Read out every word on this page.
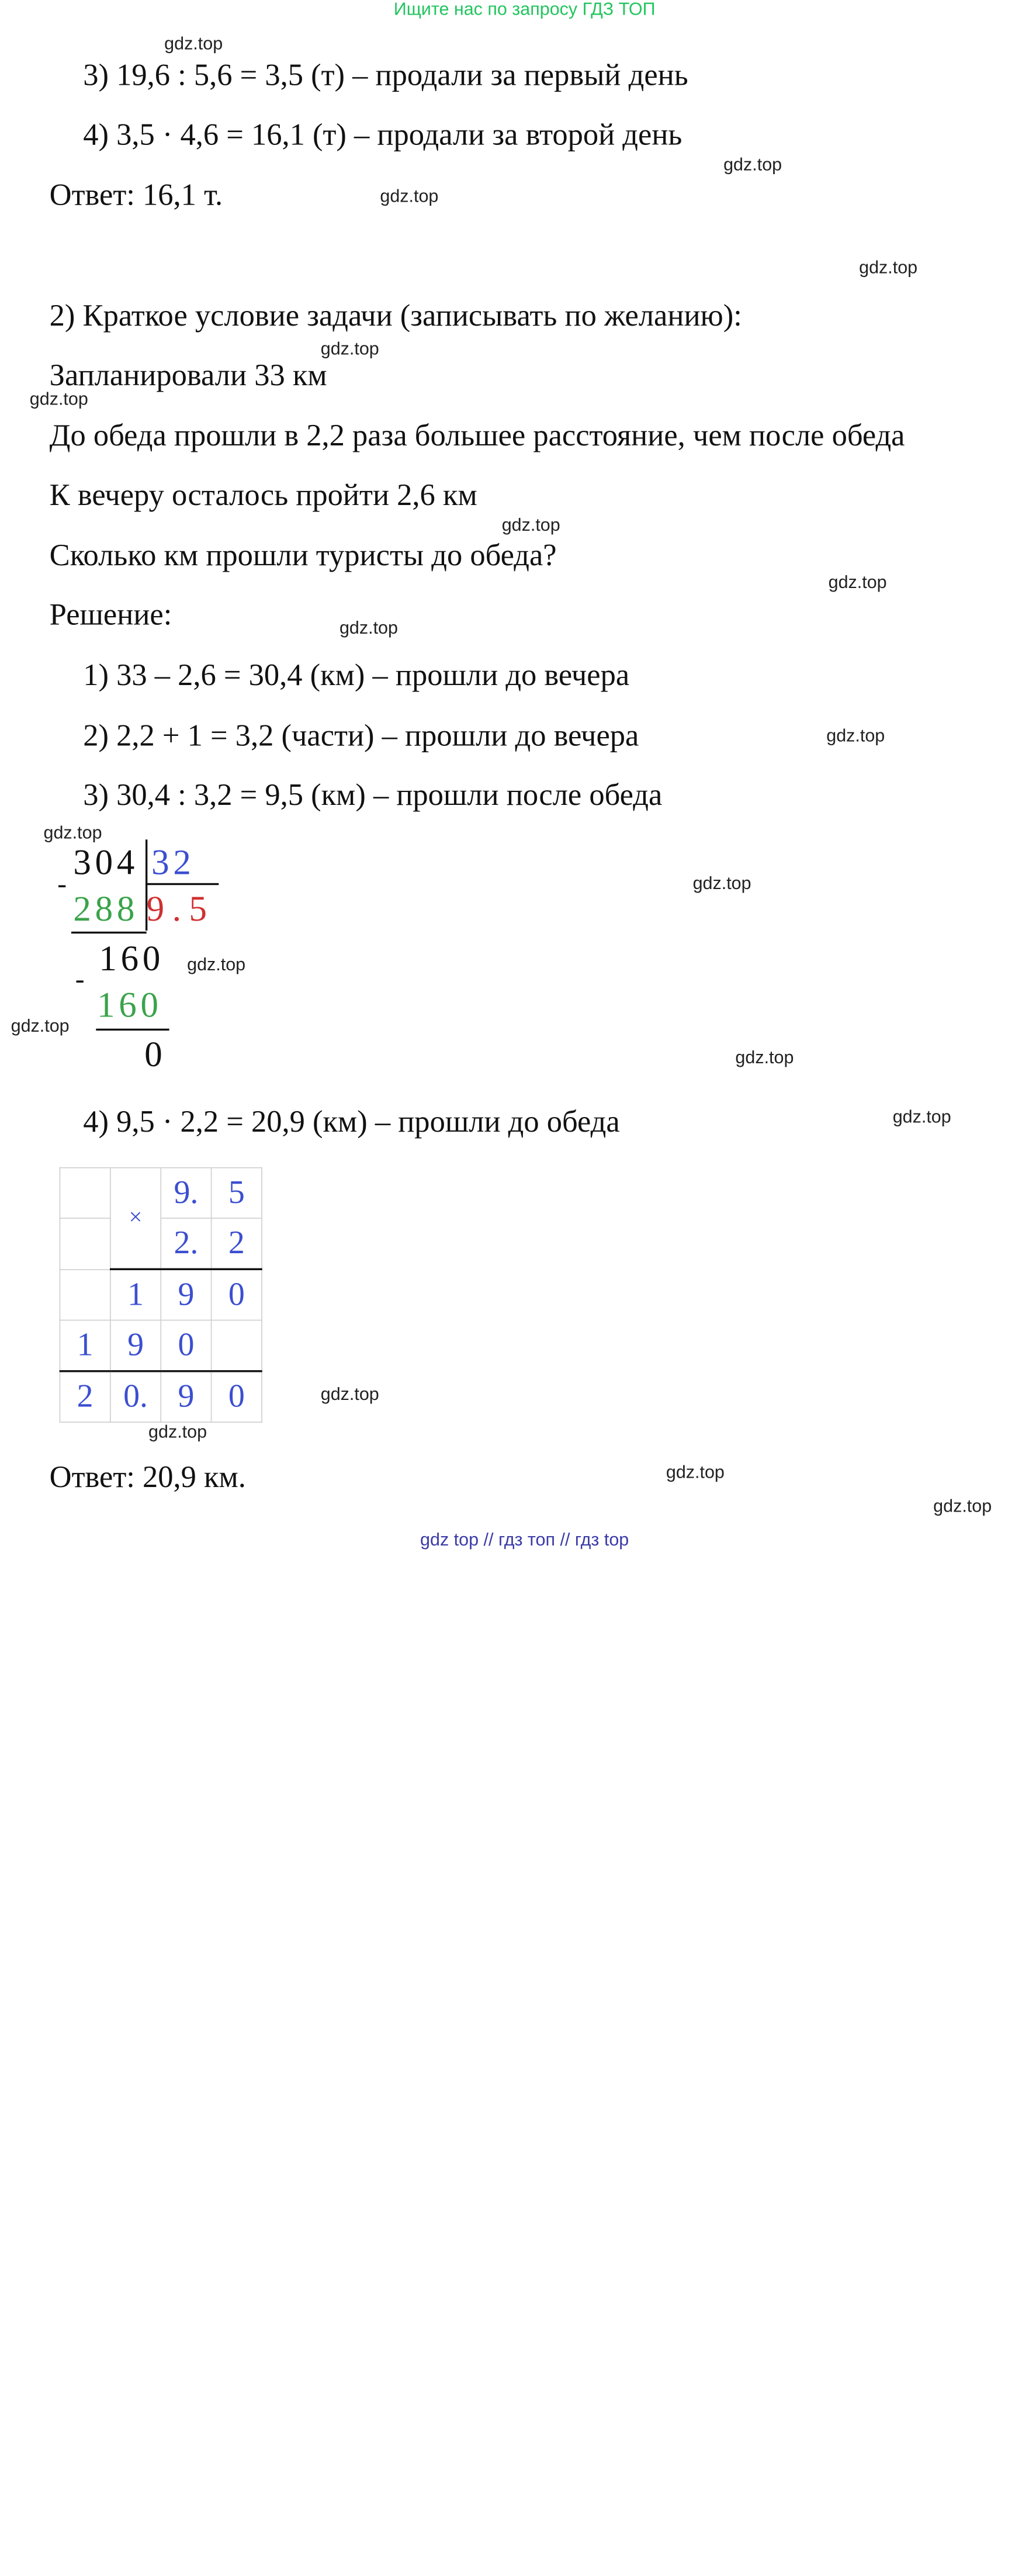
Ищите нас по запросу ГДЗ ТОП
3) 19,6 : 5,6 = 3,5 (т) – продали за первый день
4) 3,5 · 4,6 = 16,1 (т) – продали за второй день
Ответ: 16,1 т.
2) Краткое условие задачи (записывать по желанию):
Запланировали 33 км
До обеда прошли в 2,2 раза большее расстояние, чем после обеда
К вечеру осталось пройти 2,6 км
Сколько км прошли туристы до обеда?
Решение:
1) 33 – 2,6 = 30,4 (км) – прошли до вечера
2) 2,2 + 1 = 3,2 (части) – прошли до вечера
3) 30,4 : 3,2 = 9,5 (км) – прошли после обеда
304 32
-
288 9.5
160
-
160
0
4) 9,5 · 2,2 = 20,9 (км) – прошли до обеда
	×	9.	5
		2.	2
	1	9	0
1	9	0	
2	0.	9	0
Ответ: 20,9 км.
gdz.top
gdz.top
gdz.top
gdz.top
gdz.top
gdz.top
gdz.top
gdz.top
gdz.top
gdz.top
gdz.top
gdz.top
gdz.top
gdz.top
gdz.top
gdz.top
gdz.top
gdz.top
gdz.top
gdz.top
gdz top // гдз топ // гдз top
